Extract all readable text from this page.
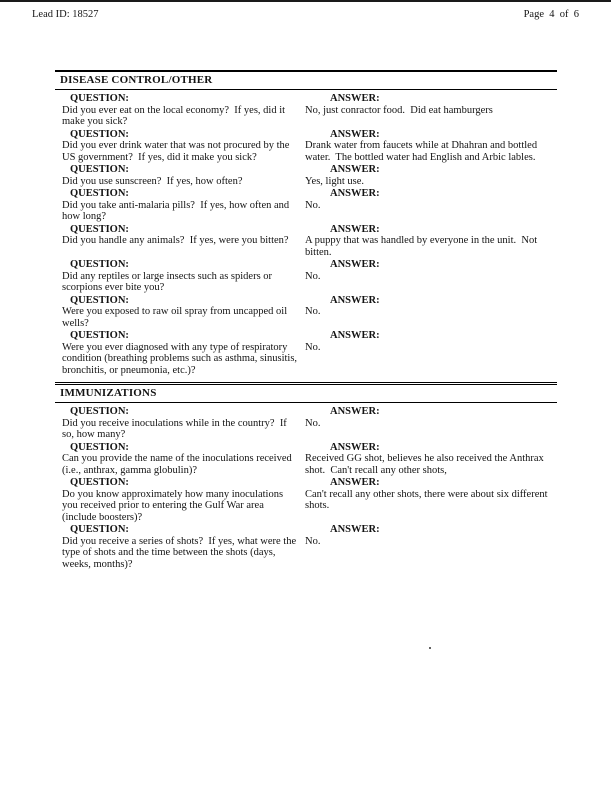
Lead ID: 18527	Page  4  of  6
DISEASE CONTROL/OTHER
QUESTION:
Did you ever eat on the local economy?  If yes, did it make you sick?
ANSWER:
No, just conractor food.  Did eat hamburgers
QUESTION:
Did you ever drink water that was not procured by the US government?  If yes, did it make you sick?
ANSWER:
Drank water from faucets while at Dhahran and bottled water.  The bottled water had English and Arbic lables.
QUESTION:
Did you use sunscreen?  If yes, how often?
ANSWER:
Yes, light use.
QUESTION:
Did you take anti-malaria pills?  If yes, how often and how long?
ANSWER:
No.
QUESTION:
Did you handle any animals?  If yes, were you bitten?
ANSWER:
A puppy that was handled by everyone in the unit.  Not bitten.
QUESTION:
Did any reptiles or large insects such as spiders or scorpions ever bite you?
ANSWER:
No.
QUESTION:
Were you exposed to raw oil spray from uncapped oil wells?
ANSWER:
No.
QUESTION:
Were you ever diagnosed with any type of respiratory condition (breathing problems such as asthma, sinusitis, bronchitis, or pneumonia, etc.)?
ANSWER:
No.
IMMUNIZATIONS
QUESTION:
Did you receive inoculations while in the country?  If so, how many?
ANSWER:
No.
QUESTION:
Can you provide the name of the inoculations received (i.e., anthrax, gamma globulin)?
ANSWER:
Received GG shot, believes he also received the Anthrax shot.  Can't recall any other shots,
QUESTION:
Do you know approximately how many inoculations you received prior to entering the Gulf War area (include boosters)?
ANSWER:
Can't recall any other shots, there were about six different shots.
QUESTION:
Did you receive a series of shots?  If yes, what were the type of shots and the time between the shots (days, weeks, months)?
ANSWER:
No.
